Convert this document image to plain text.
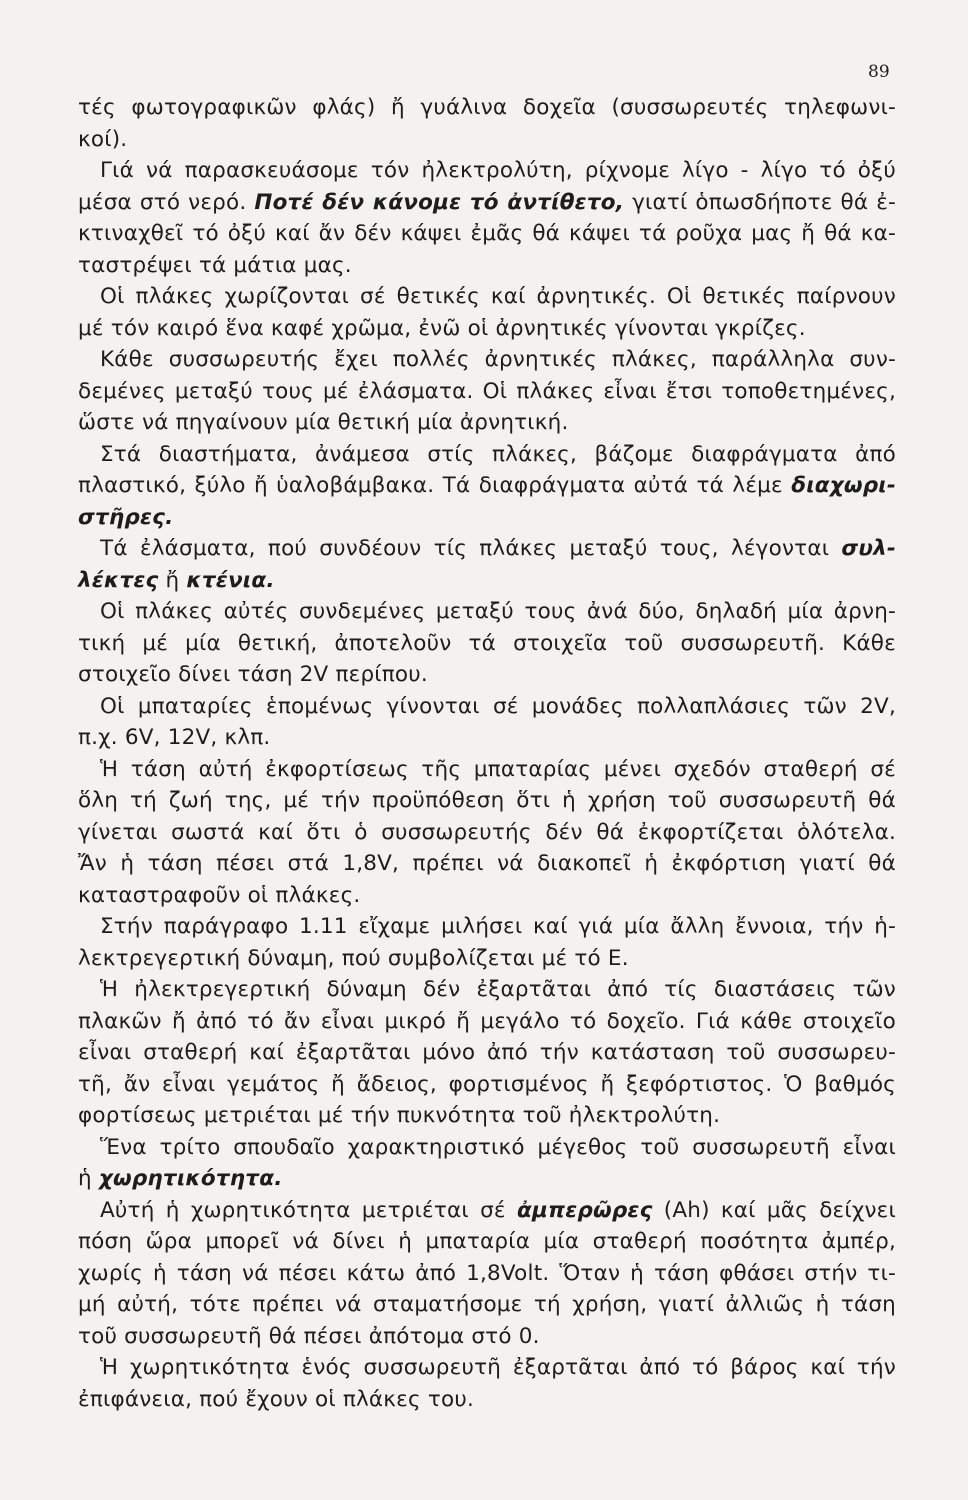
89
τές φωτογραφικῶν φλάς) ἤ γυάλινα δοχεῖα (συσσωρευτές τηλεφωνι-
κοί).
Γιά νά παρασκευάσομε τόν ἠλεκτρολύτη, ρίχνομε λίγο - λίγο τό ὀξύ
μέσα στό νερό. Ποτέ δέν κάνομε τό ἀντίθετο, γιατί ὁπωσδήποτε θά ἐ-
κτιναχθεῖ τό ὀξύ καί ἄν δέν κάψει ἐμᾶς θά κάψει τά ροῦχα μας ἤ θά κα-
ταστρέψει τά μάτια μας.
Οἱ πλάκες χωρίζονται σέ θετικές καί ἀρνητικές. Οἱ θετικές παίρνουν
μέ τόν καιρό ἕνα καφέ χρῶμα, ἐνῶ οἱ ἀρνητικές γίνονται γκρίζες.
Κάθε συσσωρευτής ἔχει πολλές ἀρνητικές πλάκες, παράλληλα συν-
δεμένες μεταξύ τους μέ ἐλάσματα. Οἱ πλάκες εἶναι ἔτσι τοποθετημένες,
ὥστε νά πηγαίνουν μία θετική μία ἀρνητική.
Στά διαστήματα, ἀνάμεσα στίς πλάκες, βάζομε διαφράγματα ἀπό
πλαστικό, ξύλο ἤ ὑαλοβάμβακα. Τά διαφράγματα αὐτά τά λέμε διαχωρι-
στῆρες.
Τά ἐλάσματα, πού συνδέουν τίς πλάκες μεταξύ τους, λέγονται συλ-
λέκτες ἤ κτένια.
Οἱ πλάκες αὐτές συνδεμένες μεταξύ τους ἀνά δύο, δηλαδή μία ἀρνη-
τική μέ μία θετική, ἀποτελοῦν τά στοιχεῖα τοῦ συσσωρευτῆ. Κάθε
στοιχεῖο δίνει τάση 2V περίπου.
Οἱ μπαταρίες ἑπομένως γίνονται σέ μονάδες πολλαπλάσιες τῶν 2V,
π.χ. 6V, 12V, κλπ.
Ἡ τάση αὐτή ἐκφορτίσεως τῆς μπαταρίας μένει σχεδόν σταθερή σέ
ὅλη τή ζωή της, μέ τήν προϋπόθεση ὅτι ἡ χρήση τοῦ συσσωρευτῆ θά
γίνεται σωστά καί ὅτι ὁ συσσωρευτής δέν θά ἐκφορτίζεται ὁλότελα.
Ἄν ἡ τάση πέσει στά 1,8V, πρέπει νά διακοπεῖ ἡ ἐκφόρτιση γιατί θά
καταστραφοῦν οἱ πλάκες.
Στήν παράγραφο 1.11 εἴχαμε μιλήσει καί γιά μία ἄλλη ἔννοια, τήν ἡ-
λεκτρεγερτική δύναμη, πού συμβολίζεται μέ τό Ε.
Ἡ ἠλεκτρεγερτική δύναμη δέν ἐξαρτᾶται ἀπό τίς διαστάσεις τῶν
πλακῶν ἤ ἀπό τό ἄν εἶναι μικρό ἤ μεγάλο τό δοχεῖο. Γιά κάθε στοιχεῖο
εἶναι σταθερή καί ἐξαρτᾶται μόνο ἀπό τήν κατάσταση τοῦ συσσωρευ-
τῆ, ἄν εἶναι γεμάτος ἤ ἄδειος, φορτισμένος ἤ ξεφόρτιστος. Ὁ βαθμός
φορτίσεως μετριέται μέ τήν πυκνότητα τοῦ ἠλεκτρολύτη.
Ἕνα τρίτο σπουδαῖο χαρακτηριστικό μέγεθος τοῦ συσσωρευτῆ εἶναι
ἡ χωρητικότητα.
Αὐτή ἡ χωρητικότητα μετριέται σέ ἀμπερῶρες (Ah) καί μᾶς δείχνει
πόση ὥρα μπορεῖ νά δίνει ἡ μπαταρία μία σταθερή ποσότητα ἀμπέρ,
χωρίς ἡ τάση νά πέσει κάτω ἀπό 1,8Volt. Ὅταν ἡ τάση φθάσει στήν τι-
μή αὐτή, τότε πρέπει νά σταματήσομε τή χρήση, γιατί ἀλλιῶς ἡ τάση
τοῦ συσσωρευτῆ θά πέσει ἀπότομα στό 0.
Ἡ χωρητικότητα ἑνός συσσωρευτῆ ἐξαρτᾶται ἀπό τό βάρος καί τήν
ἐπιφάνεια, πού ἔχουν οἱ πλάκες του.
